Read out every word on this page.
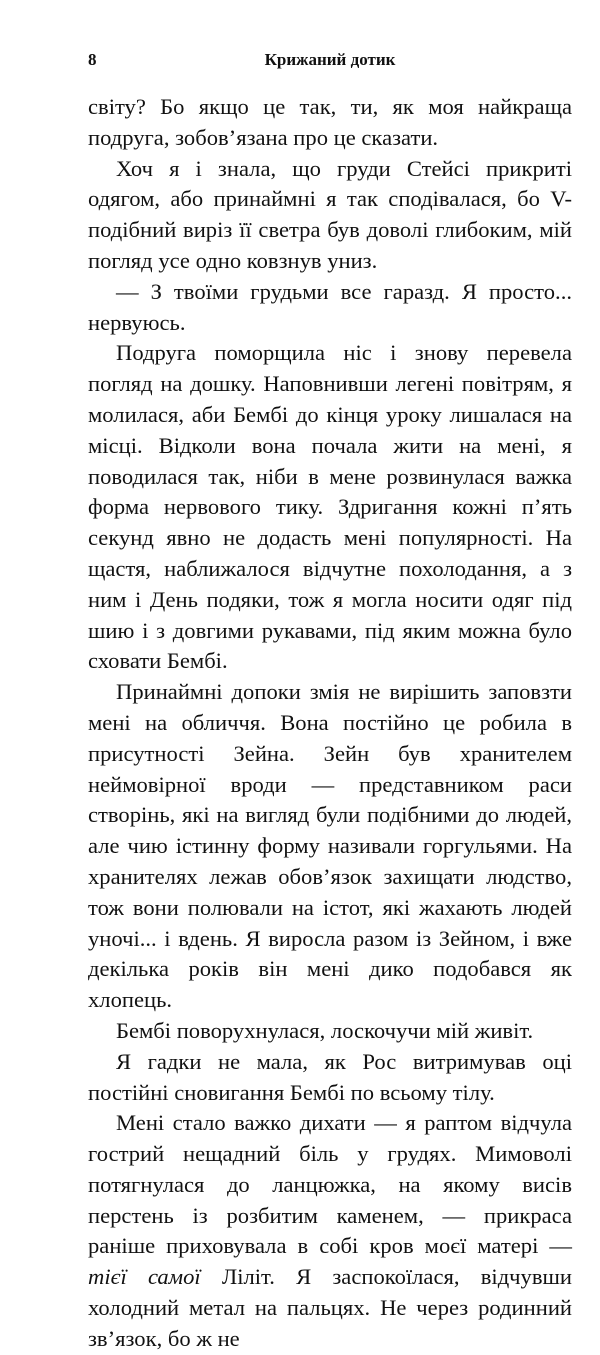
8	Крижаний дотик

світу? Бо якщо це так, ти, як моя найкраща подруга, зобов’язана про це сказати.

Хоч я і знала, що груди Стейсі прикриті одягом, або принаймні я так сподівалася, бо V-подібний виріз її светра був доволі глибоким, мій погляд усе одно ковзнув униз.

— З твоїми грудьми все гаразд. Я просто... нервуюсь.

Подруга поморщила ніс і знову перевела погляд на дошку. Наповнивши легені повітрям, я молилася, аби Бембі до кінця уроку лишалася на місці. Відколи вона почала жити на мені, я поводилася так, ніби в мене розвинулася важка форма нервового тику. Здригання кожні п’ять секунд явно не додасть мені популярності. На щастя, наближалося відчутне похолодання, а з ним і День подяки, тож я могла носити одяг під шию і з довгими рукавами, під яким можна було сховати Бембі.

Принаймні допоки змія не вирішить заповзти мені на обличчя. Вона постійно це робила в присутності Зейна. Зейн був хранителем неймовірної вроди — представником раси створінь, які на вигляд були подібними до людей, але чию істинну форму називали горгульями. На хранителях лежав обов’язок захищати людство, тож вони полювали на істот, які жахають людей уночі... і вдень. Я виросла разом із Зейном, і вже декілька років він мені дико подобався як хлопець.

Бембі поворухнулася, лоскочучи мій живіт.

Я гадки не мала, як Рос витримував оці постійні сновигання Бембі по всьому тілу.

Мені стало важко дихати — я раптом відчула гострий нещадний біль у грудях. Мимоволі потягнулася до ланцюжка, на якому висів перстень із розбитим каменем, — прикраса раніше приховувала в собі кров моєї матері — тієї самої Ліліт. Я заспокоїлася, відчувши холодний метал на пальцях. Не через родинний зв’язок, бо ж не
